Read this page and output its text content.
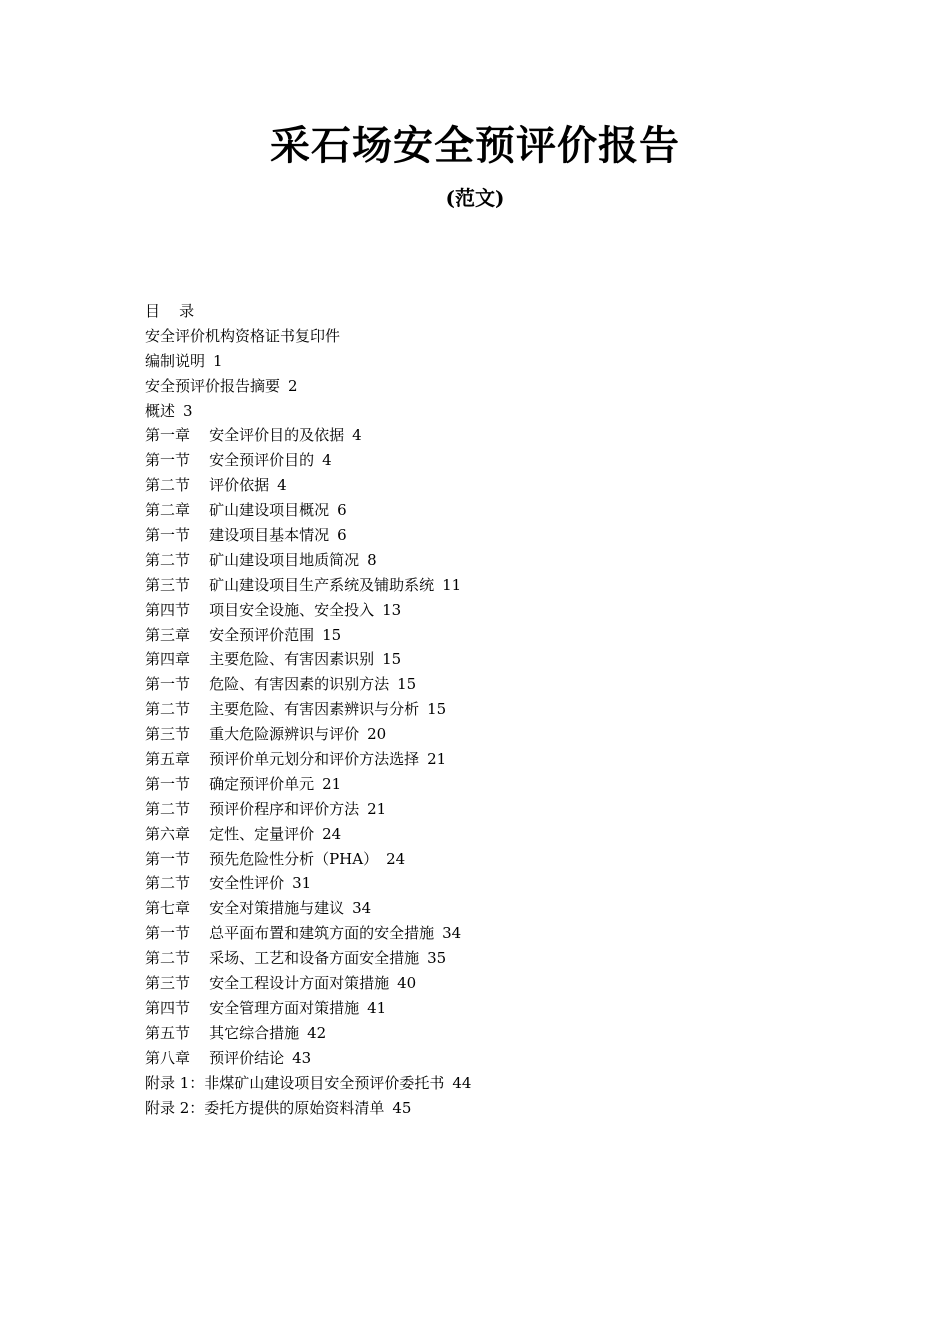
采石场安全预评价报告
(范文)
目    录
安全评价机构资格证书复印件
编制说明 1
安全预评价报告摘要 2
概述 3
第一章    安全评价目的及依据 4
第一节    安全预评价目的 4
第二节    评价依据 4
第二章    矿山建设项目概况 6
第一节    建设项目基本情况 6
第二节    矿山建设项目地质简况 8
第三节    矿山建设项目生产系统及铺助系统 11
第四节    项目安全设施、安全投入 13
第三章    安全预评价范围 15
第四章    主要危险、有害因素识别 15
第一节    危险、有害因素的识别方法 15
第二节    主要危险、有害因素辨识与分析 15
第三节    重大危险源辨识与评价 20
第五章    预评价单元划分和评价方法选择 21
第一节    确定预评价单元 21
第二节    预评价程序和评价方法 21
第六章    定性、定量评价 24
第一节    预先危险性分析（PHA） 24
第二节    安全性评价 31
第七章    安全对策措施与建议 34
第一节    总平面布置和建筑方面的安全措施 34
第二节    采场、工艺和设备方面安全措施 35
第三节    安全工程设计方面对策措施 40
第四节    安全管理方面对策措施 41
第五节    其它综合措施 42
第八章    预评价结论 43
附录 1：非煤矿山建设项目安全预评价委托书 44
附录 2：委托方提供的原始资料清单 45
